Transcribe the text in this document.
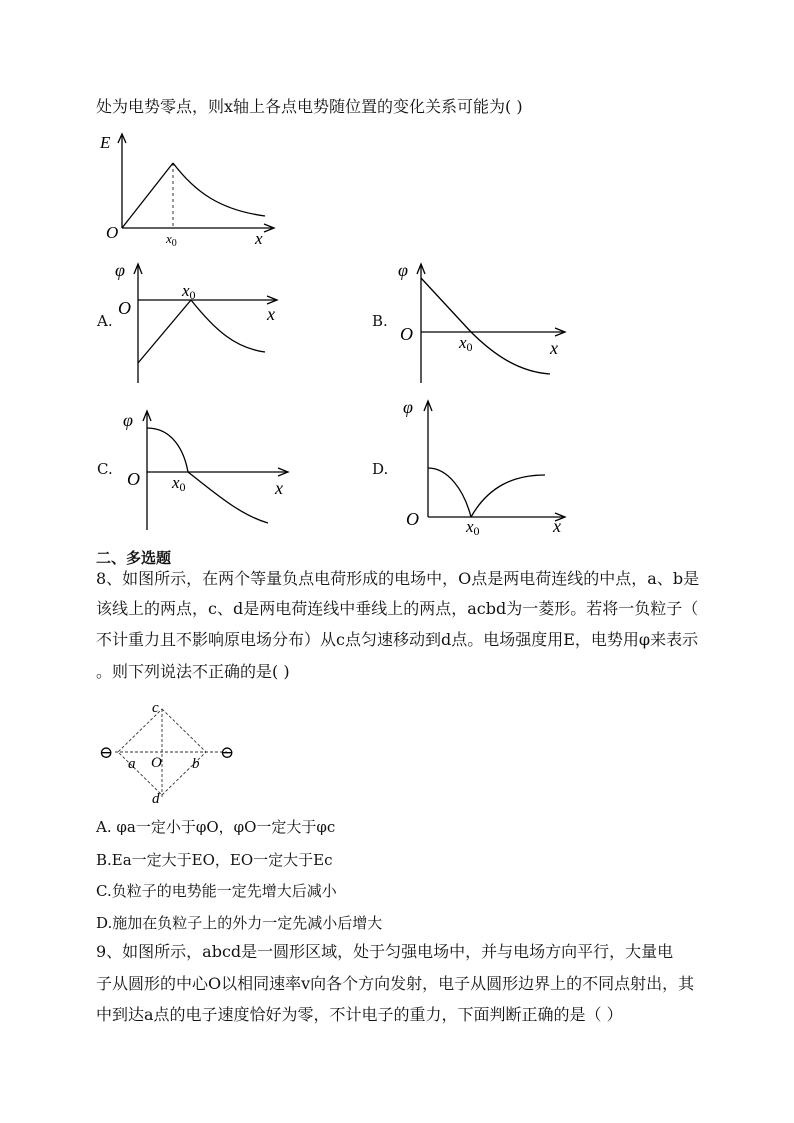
处为电势零点，则x轴上各点电势随位置的变化关系可能为( )
E
O	x
$x_0$
A.
φ
O	x
x0
B.
φ
O
x
x0
C.
φ
O	x
x0
D.
φ
O	x
x0
二、多选题
8、如图所示，在两个等量负点电荷形成的电场中，O点是两电荷连线的中点，a、b是
该线上的两点，c、d是两电荷连线中垂线上的两点，acbd为一菱形。若将一负粒子（
不计重力且不影响原电场分布）从c点匀速移动到d点。电场强度用E，电势用φ来表示
。则下列说法不正确的是( )
⊖	⊖
c
a O b
d
A. φa一定小于φO，φO一定大于φc
B.Ea一定大于EO，EO一定大于Ec
C.负粒子的电势能一定先增大后减小
D.施加在负粒子上的外力一定先减小后增大
9、如图所示，abcd是一圆形区域，处于匀强电场中，并与电场方向平行，大量电
子从圆形的中心O以相同速率v向各个方向发射，电子从圆形边界上的不同点射出，其
中到达a点的电子速度恰好为零，不计电子的重力，下面判断正确的是（ ）
